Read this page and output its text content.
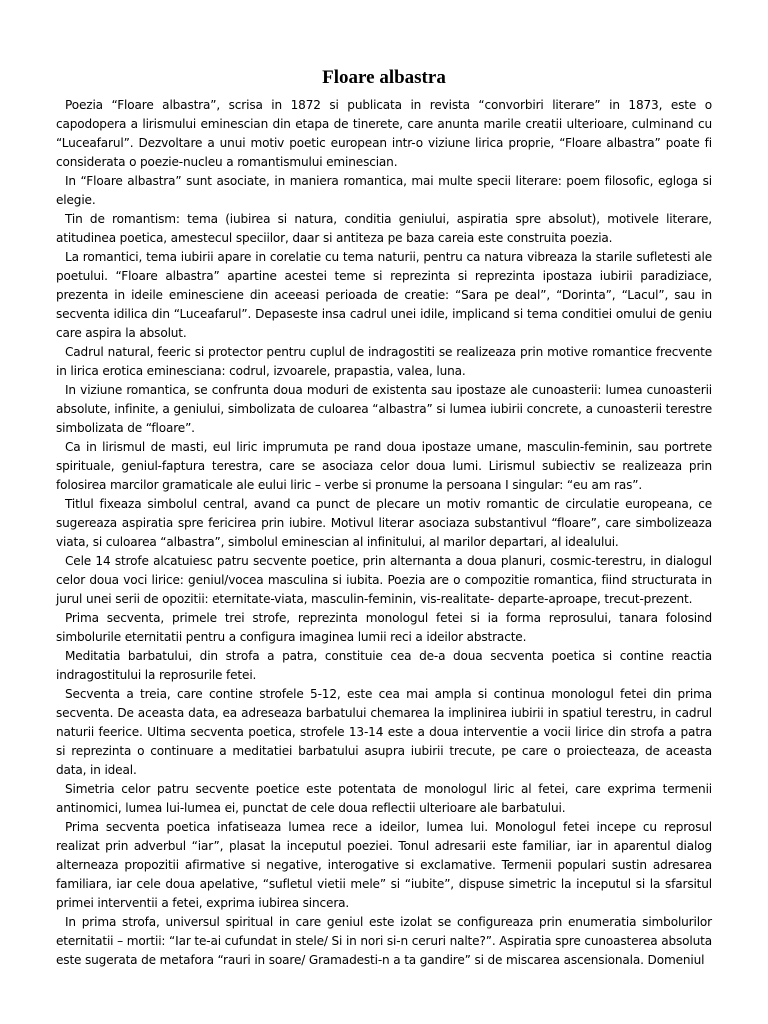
Floare albastra

Poezia “Floare albastra”, scrisa in 1872 si publicata in revista “convorbiri literare” in 1873, este o capodopera a lirismului eminescian din etapa de tinerete, care anunta marile creatii ulterioare, culminand cu “Luceafarul”. Dezvoltare a unui motiv poetic european intr-o viziune lirica proprie, “Floare albastra” poate fi considerata o poezie-nucleu a romantismului eminescian.

In “Floare albastra” sunt asociate, in maniera romantica, mai multe specii literare: poem filosofic, egloga si elegie.

Tin de romantism: tema (iubirea si natura, conditia geniului, aspiratia spre absolut), motivele literare, atitudinea poetica, amestecul speciilor, daar si antiteza pe baza careia este construita poezia.

La romantici, tema iubirii apare in corelatie cu tema naturii, pentru ca natura vibreaza la starile sufletesti ale poetului. “Floare albastra” apartine acestei teme si reprezinta si reprezinta ipostaza iubirii paradiziace, prezenta in ideile eminesciene din aceeasi perioada de creatie: “Sara pe deal”, “Dorinta”, “Lacul”, sau in secventa idilica din “Luceafarul”. Depaseste insa cadrul unei idile, implicand si tema conditiei omului de geniu care aspira la absolut.

Cadrul natural, feeric si protector pentru cuplul de indragostiti se realizeaza prin motive romantice frecvente in lirica erotica eminesciana: codrul, izvoarele, prapastia, valea, luna.

In viziune romantica, se confrunta doua moduri de existenta sau ipostaze ale cunoasterii: lumea cunoasterii absolute, infinite, a geniului, simbolizata de culoarea “albastra” si lumea iubirii concrete, a cunoasterii terestre simbolizata de “floare”.

Ca in lirismul de masti, eul liric imprumuta pe rand doua ipostaze umane, masculin-feminin, sau portrete spirituale, geniul-faptura terestra, care se asociaza celor doua lumi. Lirismul subiectiv se realizeaza prin folosirea marcilor gramaticale ale eului liric – verbe si pronume la persoana I singular: “eu am ras”.

Titlul fixeaza simbolul central, avand ca punct de plecare un motiv romantic de circulatie europeana, ce sugereaza aspiratia spre fericirea prin iubire. Motivul literar asociaza substantivul “floare”, care simbolizeaza viata, si culoarea “albastra”, simbolul eminescian al infinitului, al marilor departari, al idealului.

Cele 14 strofe alcatuiesc patru secvente poetice, prin alternanta a doua planuri, cosmic-terestru, in dialogul celor doua voci lirice: geniul/vocea masculina si iubita. Poezia are o compozitie romantica, fiind structurata in jurul unei serii de opozitii: eternitate-viata, masculin-feminin, vis-realitate- departe-aproape, trecut-prezent.

Prima secventa, primele trei strofe, reprezinta monologul fetei si ia forma reprosului, tanara folosind simbolurile eternitatii pentru a configura imaginea lumii reci a ideilor abstracte.

Meditatia barbatului, din strofa a patra, constituie cea de-a doua secventa poetica si contine reactia indragostitului la reprosurile fetei.

Secventa a treia, care contine strofele 5-12, este cea mai ampla si continua monologul fetei din prima secventa. De aceasta data, ea adreseaza barbatului chemarea la implinirea iubirii in spatiul terestru, in cadrul naturii feerice. Ultima secventa poetica, strofele 13-14 este a doua interventie a vocii lirice din strofa a patra si reprezinta o continuare a meditatiei barbatului asupra iubirii trecute, pe care o proiecteaza, de aceasta data, in ideal.

Simetria celor patru secvente poetice este potentata de monologul liric al fetei, care exprima termenii antinomici, lumea lui-lumea ei, punctat de cele doua reflectii ulterioare ale barbatului.

Prima secventa poetica infatiseaza lumea rece a ideilor, lumea lui. Monologul fetei incepe cu reprosul realizat prin adverbul “iar”, plasat la inceputul poeziei. Tonul adresarii este familiar, iar in aparentul dialog alterneaza propozitii afirmative si negative, interogative si exclamative. Termenii populari sustin adresarea familiara, iar cele doua apelative, “sufletul vietii mele” si “iubite”, dispuse simetric la inceputul si la sfarsitul primei interventii a fetei, exprima iubirea sincera.

In prima strofa, universul spiritual in care geniul este izolat se configureaza prin enumeratia simbolurilor eternitatii – mortii: “Iar te-ai cufundat in stele/ Si in nori si-n ceruri nalte?”. Aspiratia spre cunoasterea absoluta este sugerata de metafora “rauri in soare/ Gramadesti-n a ta gandire” si de miscarea ascensionala. Domeniul
